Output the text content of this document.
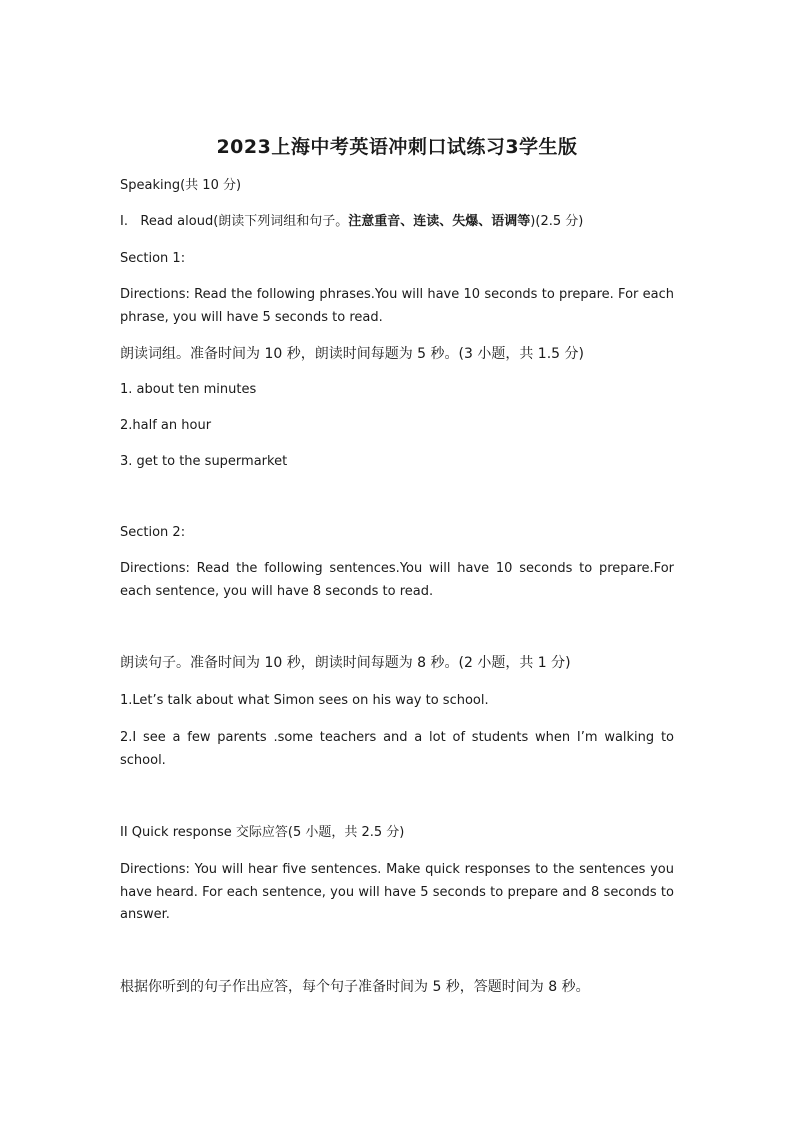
2023上海中考英语冲刺口试练习3学生版
Speaking(共 10 分)
I. Read aloud(朗读下列词组和句子。注意重音、连读、失爆、语调等)(2.5 分)
Section 1:
Directions: Read the following phrases.You will have 10 seconds to prepare. For each phrase, you will have 5 seconds to read.
朗读词组。准备时间为 10 秒，朗读时间每题为 5 秒。(3 小题，共 1.5 分)
1. about ten minutes
2.half an hour
3. get to the supermarket
Section 2:
Directions: Read the following sentences.You will have 10 seconds to prepare.For each sentence, you will have 8 seconds to read.
朗读句子。准备时间为 10 秒，朗读时间每题为 8 秒。(2 小题，共 1 分)
1.Let’s talk about what Simon sees on his way to school.
2.I see a few parents .some teachers and a lot of students when I’m walking to school.
II Quick response 交际应答(5 小题，共 2.5 分)
Directions: You will hear five sentences. Make quick responses to the sentences you have heard. For each sentence, you will have 5 seconds to prepare and 8 seconds to answer.
根据你听到的句子作出应答，每个句子准备时间为 5 秒，答题时间为 8 秒。
